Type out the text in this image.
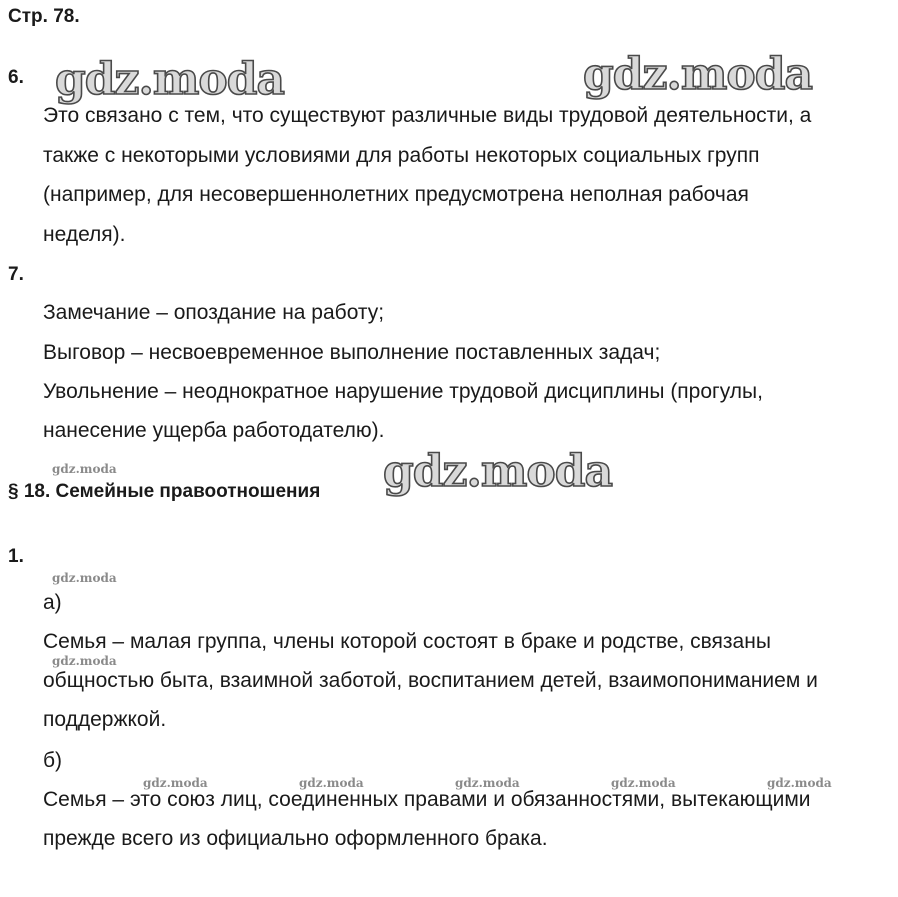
Стр. 78.
6.
Это связано с тем, что существуют различные виды трудовой деятельности, а
также с некоторыми условиями для работы некоторых социальных групп
(например, для несовершеннолетних предусмотрена неполная рабочая
неделя).
7.
Замечание – опоздание на работу;
Выговор – несвоевременное выполнение поставленных задач;
Увольнение – неоднократное нарушение трудовой дисциплины (прогулы,
нанесение ущерба работодателю).
§ 18. Семейные правоотношения
1.
а)
Семья – малая группа, члены которой состоят в браке и родстве, связаны
общностью быта, взаимной заботой, воспитанием детей, взаимопониманием и
поддержкой.
б)
Семья – это союз лиц, соединенных правами и обязанностями, вытекающими
прежде всего из официально оформленного брака.
gdz.moda	gdz.moda
gdz.moda
gdz.moda
gdz.moda
gdz.moda
gdz.moda	gdz.moda	gdz.moda	gdz.moda	gdz.moda
